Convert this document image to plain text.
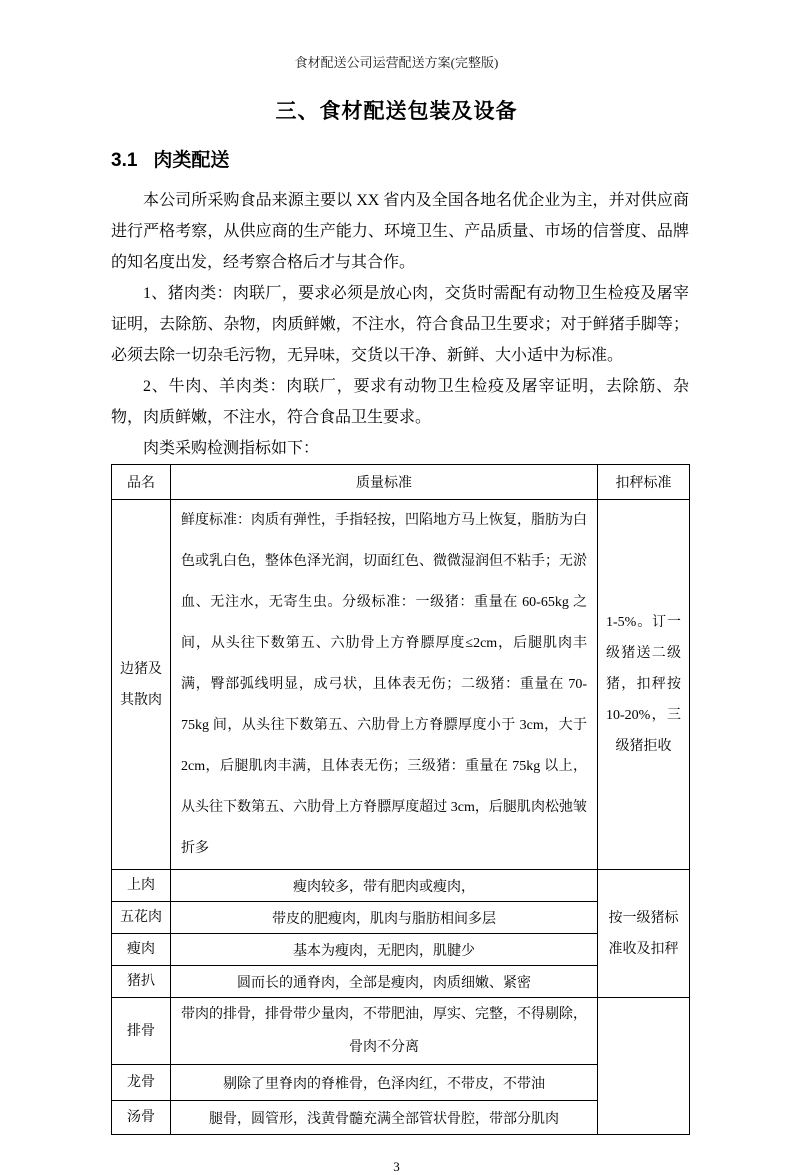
食材配送公司运营配送方案(完整版)
三、食材配送包装及设备
3.1 肉类配送

本公司所采购食品来源主要以 XX 省内及全国各地名优企业为主，并对供应商进行严格考察，从供应商的生产能力、环境卫生、产品质量、市场的信誉度、品牌的知名度出发，经考察合格后才与其合作。

1、猪肉类：肉联厂，要求必须是放心肉，交货时需配有动物卫生检疫及屠宰证明，去除筋、杂物，肉质鲜嫩，不注水，符合食品卫生要求；对于鲜猪手脚等；必须去除一切杂毛污物，无异味，交货以干净、新鲜、大小适中为标准。

2、牛肉、羊肉类：肉联厂，要求有动物卫生检疫及屠宰证明，去除筋、杂物，肉质鲜嫩，不注水，符合食品卫生要求。

肉类采购检测指标如下：

品名	质量标准	扣秤标准
边猪及其散肉	鲜度标准：肉质有弹性，手指轻按，凹陷地方马上恢复，脂肪为白色或乳白色，整体色泽光润，切面红色、微微湿润但不粘手；无淤血、无注水，无寄生虫。分级标准：一级猪：重量在 60-65kg 之间，从头往下数第五、六肋骨上方脊膘厚度≤2cm，后腿肌肉丰满，臀部弧线明显，成弓状，且体表无伤；二级猪：重量在 70-75kg 间，从头往下数第五、六肋骨上方脊膘厚度小于 3cm，大于 2cm，后腿肌肉丰满，且体表无伤；三级猪：重量在 75kg 以上，从头往下数第五、六肋骨上方脊膘厚度超过 3cm，后腿肌肉松弛皱折多	1-5%。订一级猪送二级猪，扣秤按10-20%，三级猪拒收
上肉	瘦肉较多，带有肥肉或瘦肉，	按一级猪标准收及扣秤
五花肉	带皮的肥瘦肉，肌肉与脂肪相间多层	
瘦肉	基本为瘦肉，无肥肉，肌腱少	
猪扒	圆而长的通脊肉，全部是瘦肉，肉质细嫩、紧密	
排骨	带肉的排骨，排骨带少量肉，不带肥油，厚实、完整，不得剔除，骨肉不分离	
龙骨	剔除了里脊肉的脊椎骨，色泽肉红，不带皮，不带油	
汤骨	腿骨，圆管形，浅黄骨髓充满全部管状骨腔，带部分肌肉	
3
